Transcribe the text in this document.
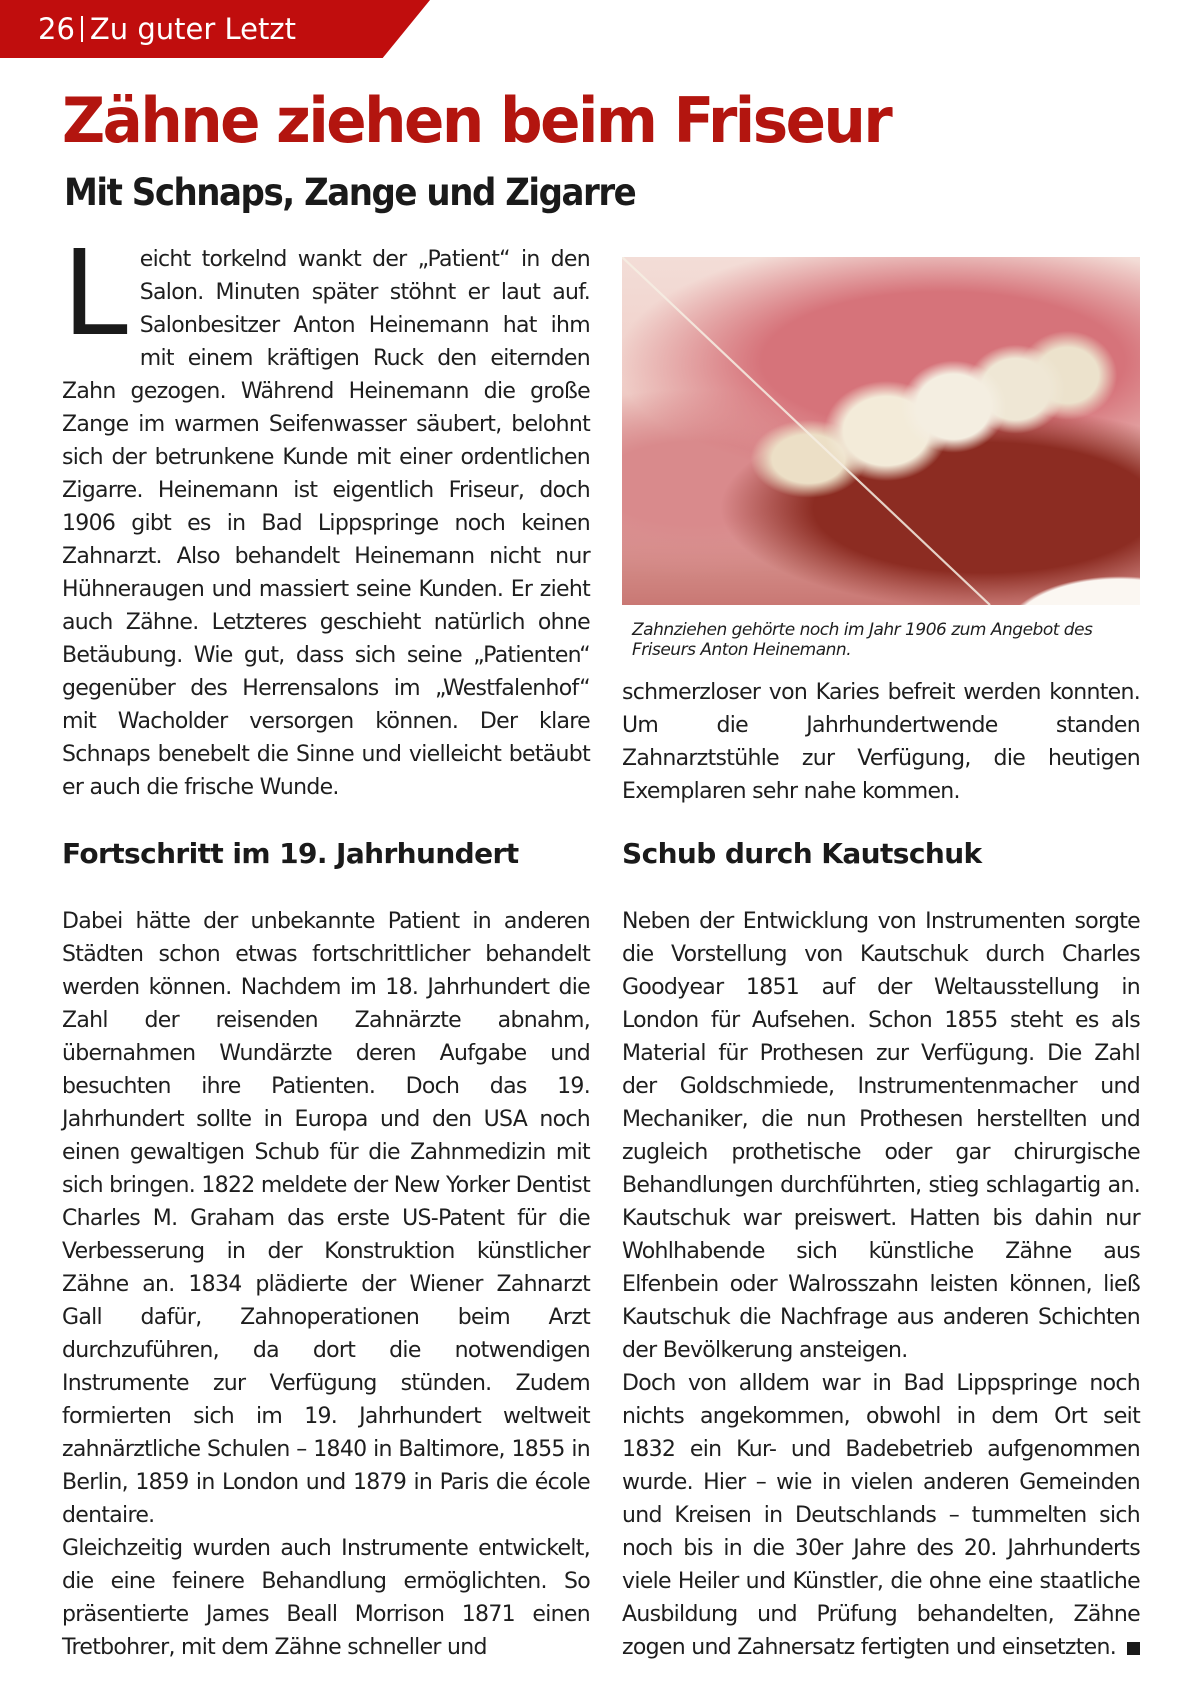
26 Zu guter Letzt
Zähne ziehen beim Friseur
Mit Schnaps, Zange und Zigarre

Leicht torkelnd wankt der „Patient“ in den Salon. Minuten später stöhnt er laut auf. Salonbesitzer Anton Heinemann hat ihm mit einem kräftigen Ruck den eiternden Zahn gezogen. Während Heinemann die große Zange im warmen Seifenwasser säubert, belohnt sich der betrunkene Kunde mit einer ordentlichen Zigarre. Heinemann ist eigentlich Friseur, doch 1906 gibt es in Bad Lippspringe noch keinen Zahnarzt. Also behandelt Heinemann nicht nur Hühneraugen und massiert seine Kunden. Er zieht auch Zähne. Letzteres geschieht natürlich ohne Betäubung. Wie gut, dass sich seine „Patienten“ gegenüber des Herrensalons im „Westfalenhof“ mit Wacholder versorgen können. Der klare Schnaps benebelt die Sinne und vielleicht betäubt er auch die frische Wunde.

Zahnziehen gehörte noch im Jahr 1906 zum Angebot des Friseurs Anton Heinemann.

schmerzloser von Karies befreit werden konnten. Um die Jahrhundertwende standen Zahnarztstühle zur Verfügung, die heutigen Exemplaren sehr nahe kommen.

Fortschritt im 19. Jahrhundert	Schub durch Kautschuk

Dabei hätte der unbekannte Patient in anderen Städten schon etwas fortschrittlicher behandelt werden können. Nachdem im 18. Jahrhundert die Zahl der reisenden Zahnärzte abnahm, übernahmen Wundärzte deren Aufgabe und besuchten ihre Patienten. Doch das 19. Jahrhundert sollte in Europa und den USA noch einen gewaltigen Schub für die Zahnmedizin mit sich bringen. 1822 meldete der New Yorker Dentist Charles M. Graham das erste US-Patent für die Verbesserung in der Konstruktion künstlicher Zähne an. 1834 plädierte der Wiener Zahnarzt Gall dafür, Zahnoperationen beim Arzt durchzuführen, da dort die notwendigen Instrumente zur Verfügung stünden. Zudem formierten sich im 19. Jahrhundert weltweit zahnärztliche Schulen – 1840 in Baltimore, 1855 in Berlin, 1859 in London und 1879 in Paris die école dentaire.

Gleichzeitig wurden auch Instrumente entwickelt, die eine feinere Behandlung ermöglichten. So präsentierte James Beall Morrison 1871 einen Tretbohrer, mit dem Zähne schneller und

Neben der Entwicklung von Instrumenten sorgte die Vorstellung von Kautschuk durch Charles Goodyear 1851 auf der Weltausstellung in London für Aufsehen. Schon 1855 steht es als Material für Prothesen zur Verfügung. Die Zahl der Goldschmiede, Instrumentenmacher und Mechaniker, die nun Prothesen herstellten und zugleich prothetische oder gar chirurgische Behandlungen durchführten, stieg schlagartig an. Kautschuk war preiswert. Hatten bis dahin nur Wohlhabende sich künstliche Zähne aus Elfenbein oder Walrosszahn leisten können, ließ Kautschuk die Nachfrage aus anderen Schichten der Bevölkerung ansteigen.

Doch von alldem war in Bad Lippspringe noch nichts angekommen, obwohl in dem Ort seit 1832 ein Kur- und Badebetrieb aufgenommen wurde. Hier – wie in vielen anderen Gemeinden und Kreisen in Deutschlands – tummelten sich noch bis in die 30er Jahre des 20. Jahrhunderts viele Heiler und Künstler, die ohne eine staatliche Ausbildung und Prüfung behandelten, Zähne zogen und Zahnersatz fertigten und einsetzten.
